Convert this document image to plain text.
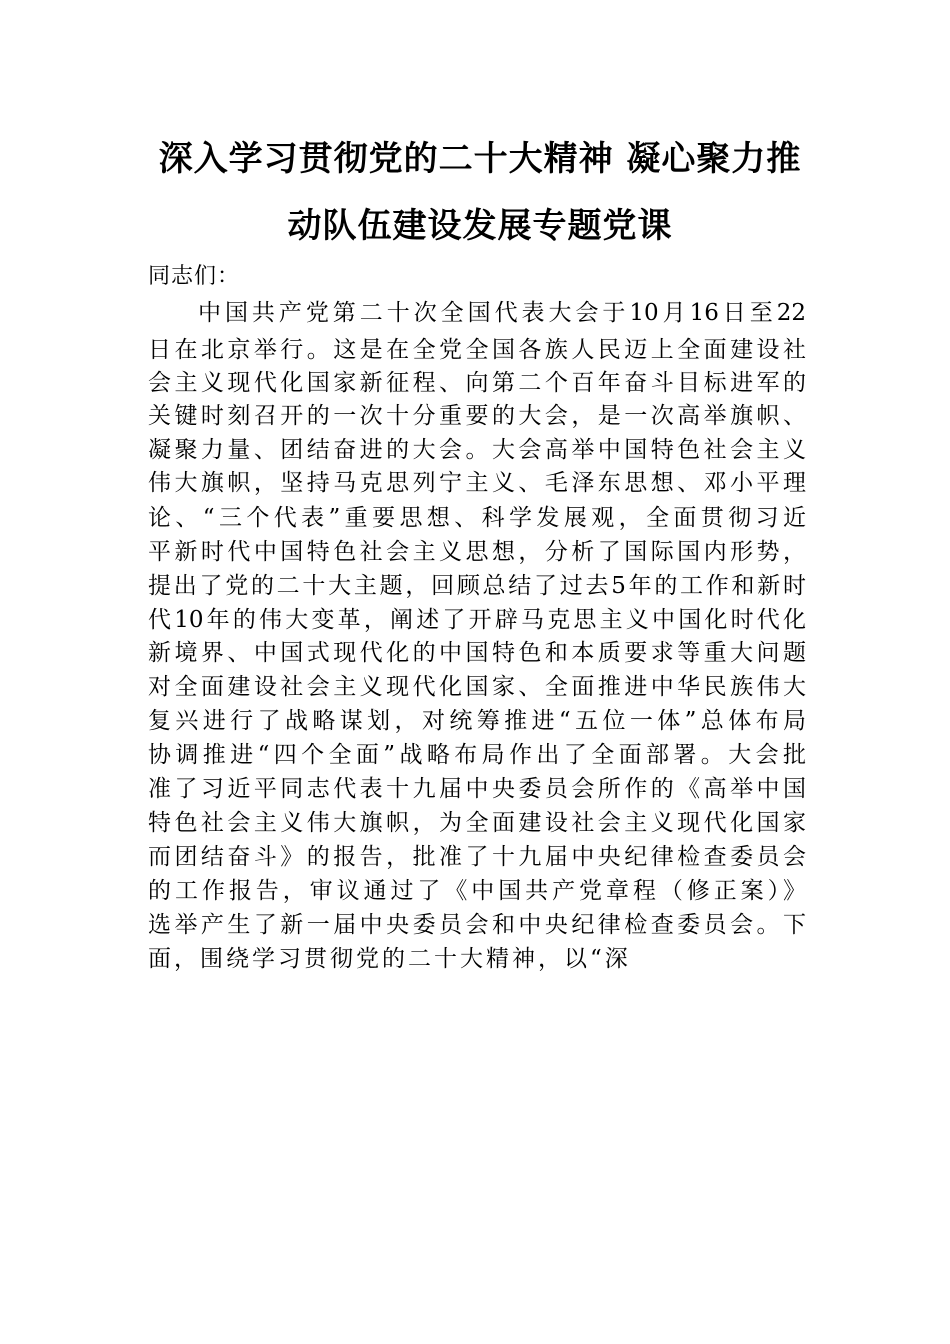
深入学习贯彻党的二十大精神 凝心聚力推
动队伍建设发展专题党课
同志们：
中国共产党第二十次全国代表大会于10月16日至22
日在北京举行。这是在全党全国各族人民迈上全面建设社
会主义现代化国家新征程、向第二个百年奋斗目标进军的
关键时刻召开的一次十分重要的大会，是一次高举旗帜、
凝聚力量、团结奋进的大会。大会高举中国特色社会主义
伟大旗帜，坚持马克思列宁主义、毛泽东思想、邓小平理
论、“三个代表”重要思想、科学发展观，全面贯彻习近
平新时代中国特色社会主义思想，分析了国际国内形势，
提出了党的二十大主题，回顾总结了过去5年的工作和新时
代10年的伟大变革，阐述了开辟马克思主义中国化时代化
新境界、中国式现代化的中国特色和本质要求等重大问题
对全面建设社会主义现代化国家、全面推进中华民族伟大
复兴进行了战略谋划，对统筹推进“五位一体”总体布局
协调推进“四个全面”战略布局作出了全面部署。大会批
准了习近平同志代表十九届中央委员会所作的《高举中国
特色社会主义伟大旗帜，为全面建设社会主义现代化国家
而团结奋斗》的报告，批准了十九届中央纪律检查委员会
的工作报告，审议通过了《中国共产党章程（修正案）》
选举产生了新一届中央委员会和中央纪律检查委员会。下
面，围绕学习贯彻党的二十大精神，以“深
